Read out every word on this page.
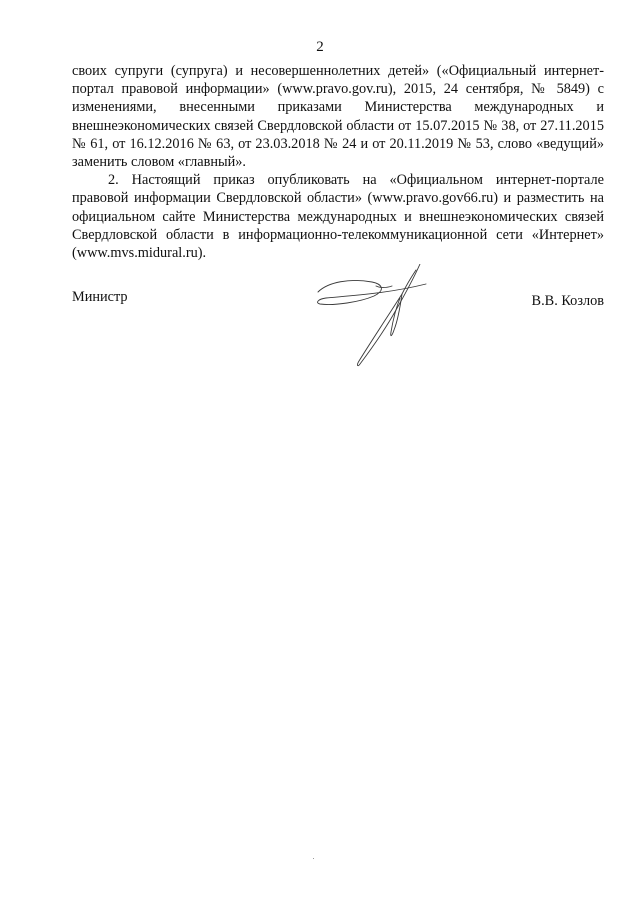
2

своих супруги (супруга) и несовершеннолетних детей» («Официальный интернет-портал правовой информации» (www.pravo.gov.ru), 2015, 24 сентября, № 5849) с изменениями, внесенными приказами Министерства международных и внешнеэкономических связей Свердловской области от 15.07.2015 № 38, от 27.11.2015 № 61, от 16.12.2016 № 63, от 23.03.2018 № 24 и от 20.11.2019 № 53, слово «ведущий» заменить словом «главный».

2. Настоящий приказ опубликовать на «Официальном интернет-портале правовой информации Свердловской области» (www.pravo.gov66.ru) и разместить на официальном сайте Министерства международных и внешнеэкономических связей Свердловской области в информационно-телекоммуникационной сети «Интернет» (www.mvs.midural.ru).

Министр	В.В. Козлов
